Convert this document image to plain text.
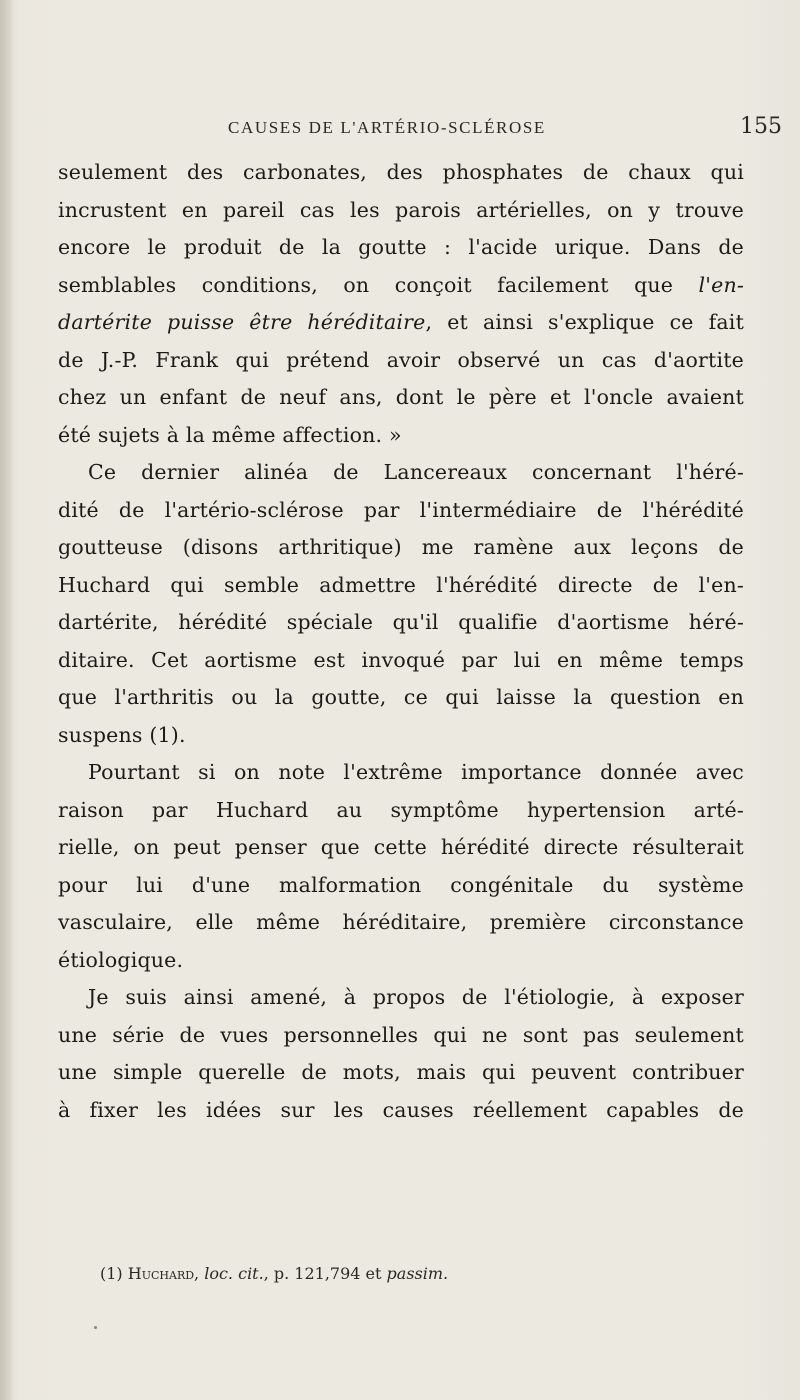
CAUSES DE L'ARTÉRIO-SCLÉROSE	155
seulement des carbonates, des phosphates de chaux qui
incrustent en pareil cas les parois artérielles, on y trouve
encore le produit de la goutte : l'acide urique. Dans de
semblables conditions, on conçoit facilement que l'en-
dartérite puisse être héréditaire, et ainsi s'explique ce fait
de J.-P. Frank qui prétend avoir observé un cas d'aortite
chez un enfant de neuf ans, dont le père et l'oncle avaient
été sujets à la même affection. »
Ce dernier alinéa de Lancereaux concernant l'héré-
dité de l'artério-sclérose par l'intermédiaire de l'hérédité
goutteuse (disons arthritique) me ramène aux leçons de
Huchard qui semble admettre l'hérédité directe de l'en-
dartérite, hérédité spéciale qu'il qualifie d'aortisme héré-
ditaire. Cet aortisme est invoqué par lui en même temps
que l'arthritis ou la goutte, ce qui laisse la question en
suspens (1).
Pourtant si on note l'extrême importance donnée avec
raison par Huchard au symptôme hypertension arté-
rielle, on peut penser que cette hérédité directe résulterait
pour lui d'une malformation congénitale du système
vasculaire, elle même héréditaire, première circonstance
étiologique.
Je suis ainsi amené, à propos de l'étiologie, à exposer
une série de vues personnelles qui ne sont pas seulement
une simple querelle de mots, mais qui peuvent contribuer
à fixer les idées sur les causes réellement capables de
(1) Huchard, loc. cit., p. 121,794 et passim.
